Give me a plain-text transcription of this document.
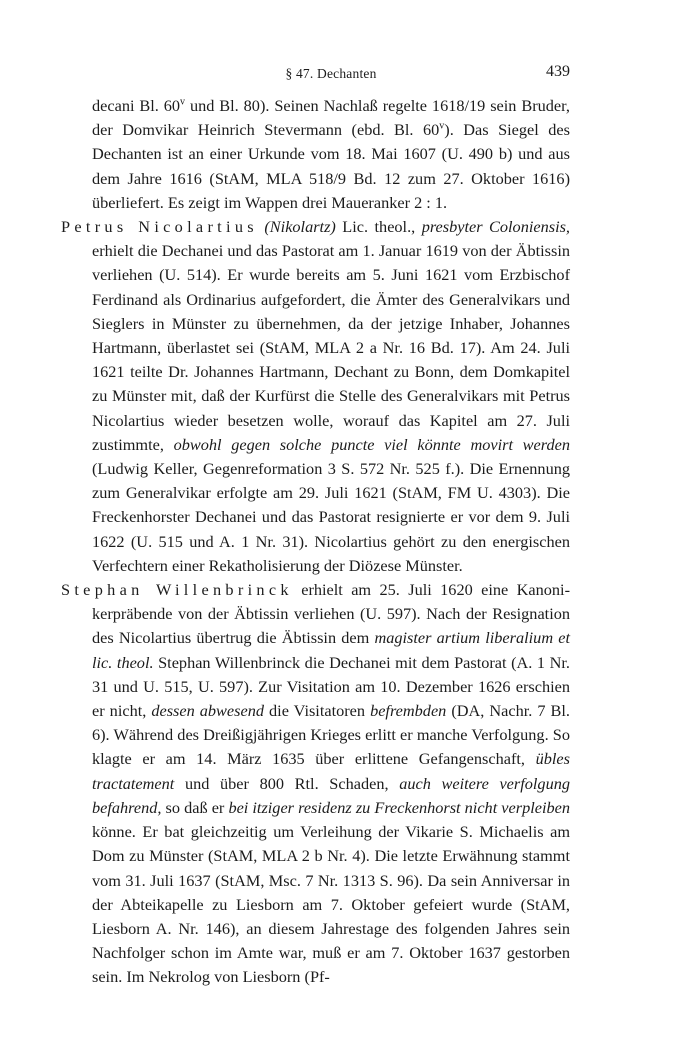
§ 47. Dechanten	439

decani Bl. 60$^v$ und Bl. 80). Seinen Nachlaß regelte 1618/19 sein Bruder, der Domvikar Heinrich Stevermann (ebd. Bl. 60$^v$). Das Siegel des Dechanten ist an einer Urkunde vom 18. Mai 1607 (U. 490 b) und aus dem Jahre 1616 (StAM, MLA 518/9 Bd. 12 zum 27. Oktober 1616) überliefert. Es zeigt im Wappen drei Maueranker 2 : 1.

Petrus Nicolartius (Nikolartz) Lic. theol., presbyter Coloniensis, erhielt die Dechanei und das Pastorat am 1. Januar 1619 von der Äbtissin verliehen (U. 514). Er wurde bereits am 5. Juni 1621 vom Erzbischof Ferdinand als Ordinarius aufgefordert, die Ämter des Generalvikars und Sieglers in Münster zu übernehmen, da der jetzige Inhaber, Johannes Hartmann, überlastet sei (StAM, MLA 2 a Nr. 16 Bd. 17). Am 24. Juli 1621 teilte Dr. Johannes Hartmann, Dechant zu Bonn, dem Domkapitel zu Münster mit, daß der Kurfürst die Stelle des Generalvikars mit Petrus Nicolartius wieder besetzen wolle, worauf das Kapitel am 27. Juli zustimmte, obwohl gegen solche puncte viel könnte movirt werden (Ludwig Keller, Gegenreformation 3 S. 572 Nr. 525 f.). Die Ernennung zum Generalvikar erfolgte am 29. Juli 1621 (StAM, FM U. 4303). Die Freckenhorster Dechanei und das Pastorat resignierte er vor dem 9. Juli 1622 (U. 515 und A. 1 Nr. 31). Nicolartius gehört zu den energischen Verfechtern einer Rekatholisierung der Diözese Münster.

Stephan Willenbrinck erhielt am 25. Juli 1620 eine Kanonikerpräbende von der Äbtissin verliehen (U. 597). Nach der Resignation des Nicolartius übertrug die Äbtissin dem magister artium liberalium et lic. theol. Stephan Willenbrinck die Dechanei mit dem Pastorat (A. 1 Nr. 31 und U. 515, U. 597). Zur Visitation am 10. Dezember 1626 erschien er nicht, dessen abwesend die Visitatoren befrembden (DA, Nachr. 7 Bl. 6). Während des Dreißigjährigen Krieges erlitt er manche Verfolgung. So klagte er am 14. März 1635 über erlittene Gefangenschaft, übles tractatement und über 800 Rtl. Schaden, auch weitere verfolgung befahrend, so daß er bei itziger residenz zu Freckenhorst nicht verpleiben könne. Er bat gleichzeitig um Verleihung der Vikarie S. Michaelis am Dom zu Münster (StAM, MLA 2 b Nr. 4). Die letzte Erwähnung stammt vom 31. Juli 1637 (StAM, Msc. 7 Nr. 1313 S. 96). Da sein Anniversar in der Abteikapelle zu Liesborn am 7. Oktober gefeiert wurde (StAM, Liesborn A. Nr. 146), an diesem Jahrestage des folgenden Jahres sein Nachfolger schon im Amte war, muß er am 7. Oktober 1637 gestorben sein. Im Nekrolog von Liesborn (Pf-
